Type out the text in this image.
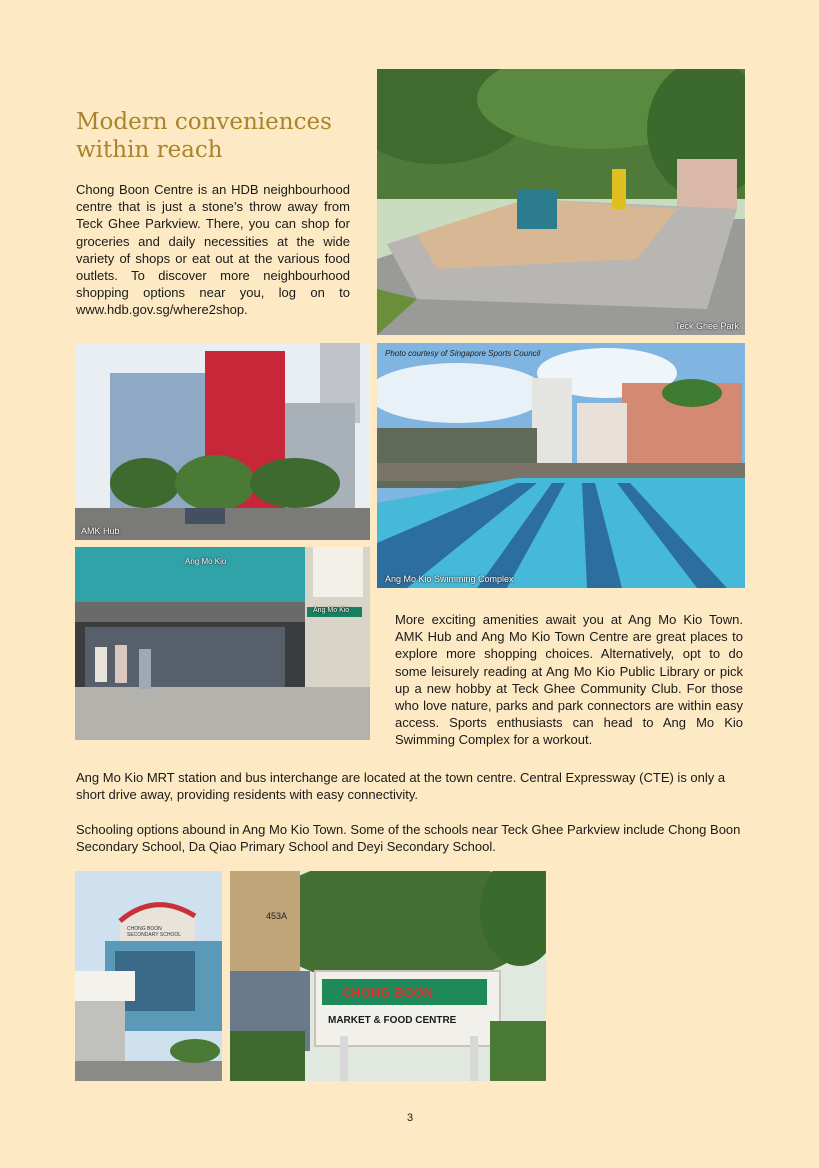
Modern conveniences
within reach

Chong Boon Centre is an HDB neighbourhood centre that is just a stone’s throw away from Teck Ghee Parkview. There, you can shop for groceries and daily necessities at the wide variety of shops or eat out at the various food outlets. To discover more neighbourhood shopping options near you, log on to www.hdb.gov.sg/where2shop.

Teck Ghee Park
AMK Hub
Photo courtesy of Singapore Sports Council
Ang Mo Kio Swimming Complex
Ang Mo Kio
Ang Mo Kio

More exciting amenities await you at Ang Mo Kio Town. AMK Hub and Ang Mo Kio Town Centre are great places to explore more shopping choices. Alternatively, opt to do some leisurely reading at Ang Mo Kio Public Library or pick up a new hobby at Teck Ghee Community Club. For those who love nature, parks and park connectors are within easy access. Sports enthusiasts can head to Ang Mo Kio Swimming Complex for a workout.

Ang Mo Kio MRT station and bus interchange are located at the town centre. Central Expressway (CTE) is only a short drive away, providing residents with easy connectivity.

Schooling options abound in Ang Mo Kio Town. Some of the schools near Teck Ghee Parkview include Chong Boon Secondary School, Da Qiao Primary School and Deyi Secondary School.

CHONG BOON
SECONDARY SCHOOL
453A
CHONG BOON
MARKET & FOOD CENTRE
3
